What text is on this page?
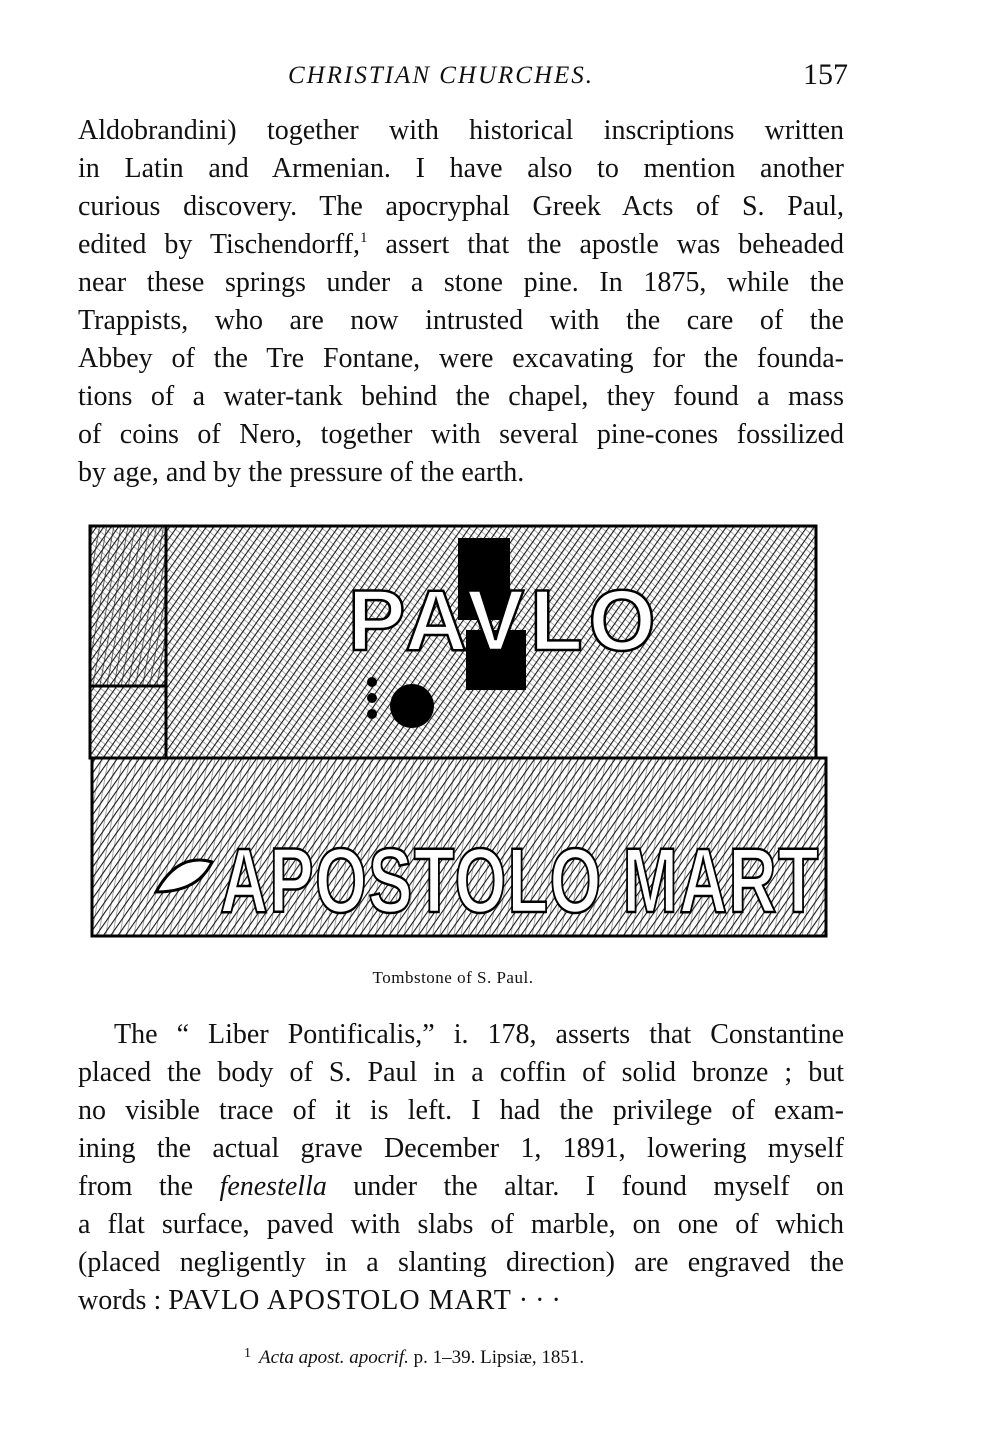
CHRISTIAN CHURCHES.	157
Aldobrandini) together with historical inscriptions written
in Latin and Armenian. I have also to mention another
curious discovery. The apocryphal Greek Acts of S. Paul,
edited by Tischendorff,$^1$ assert that the apostle was beheaded
near these springs under a stone pine. In 1875, while the
Trappists, who are now intrusted with the care of the
Abbey of the Tre Fontane, were excavating for the founda-
tions of a water-tank behind the chapel, they found a mass
of coins of Nero, together with several pine-cones fossilized
by age, and by the pressure of the earth.
PAVLO
APOSTOLO MART
Tombstone of S. Paul.
The “ Liber Pontificalis,” i. 178, asserts that Constantine
placed the body of S. Paul in a coffin of solid bronze ; but
no visible trace of it is left. I had the privilege of exam-
ining the actual grave December 1, 1891, lowering myself
from the fenestella under the altar. I found myself on
a flat surface, paved with slabs of marble, on one of which
(placed negligently in a slanting direction) are engraved the
words : PAVLO APOSTOLO MART · · ·
$^1$ Acta apost. apocrif. p. 1–39. Lipsiæ, 1851.
